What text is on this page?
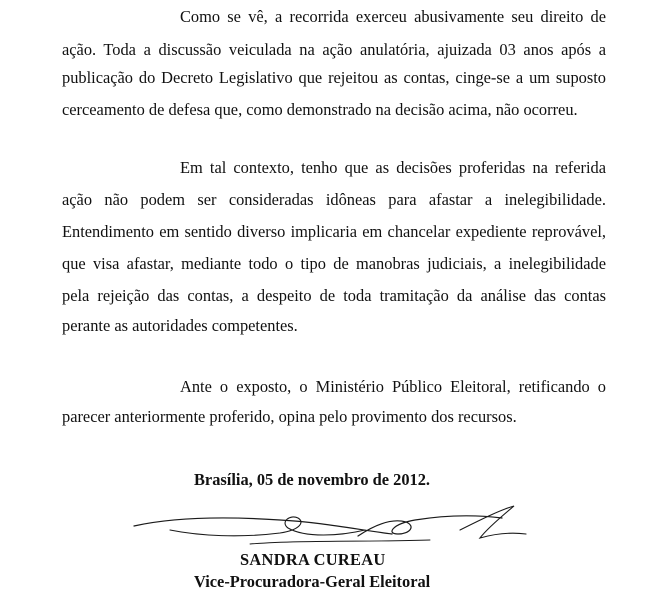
Como se vê, a recorrida exerceu abusivamente seu direito de

ação. Toda a discussão veiculada na ação anulatória, ajuizada 03 anos após a

publicação do Decreto Legislativo que rejeitou as contas, cinge-se a um suposto

cerceamento de defesa que, como demonstrado na decisão acima, não ocorreu.

Em tal contexto, tenho que as decisões proferidas na referida

ação não podem ser consideradas idôneas para afastar a inelegibilidade.

Entendimento em sentido diverso implicaria em chancelar expediente reprovável,

que visa afastar, mediante todo o tipo de manobras judiciais, a inelegibilidade

pela rejeição das contas, a despeito de toda tramitação da análise das contas

perante as autoridades competentes.

Ante o exposto, o Ministério Público Eleitoral, retificando o

parecer anteriormente proferido, opina pelo provimento dos recursos.

Brasília, 05 de novembro de 2012.

SANDRA CUREAU

Vice-Procuradora-Geral Eleitoral
